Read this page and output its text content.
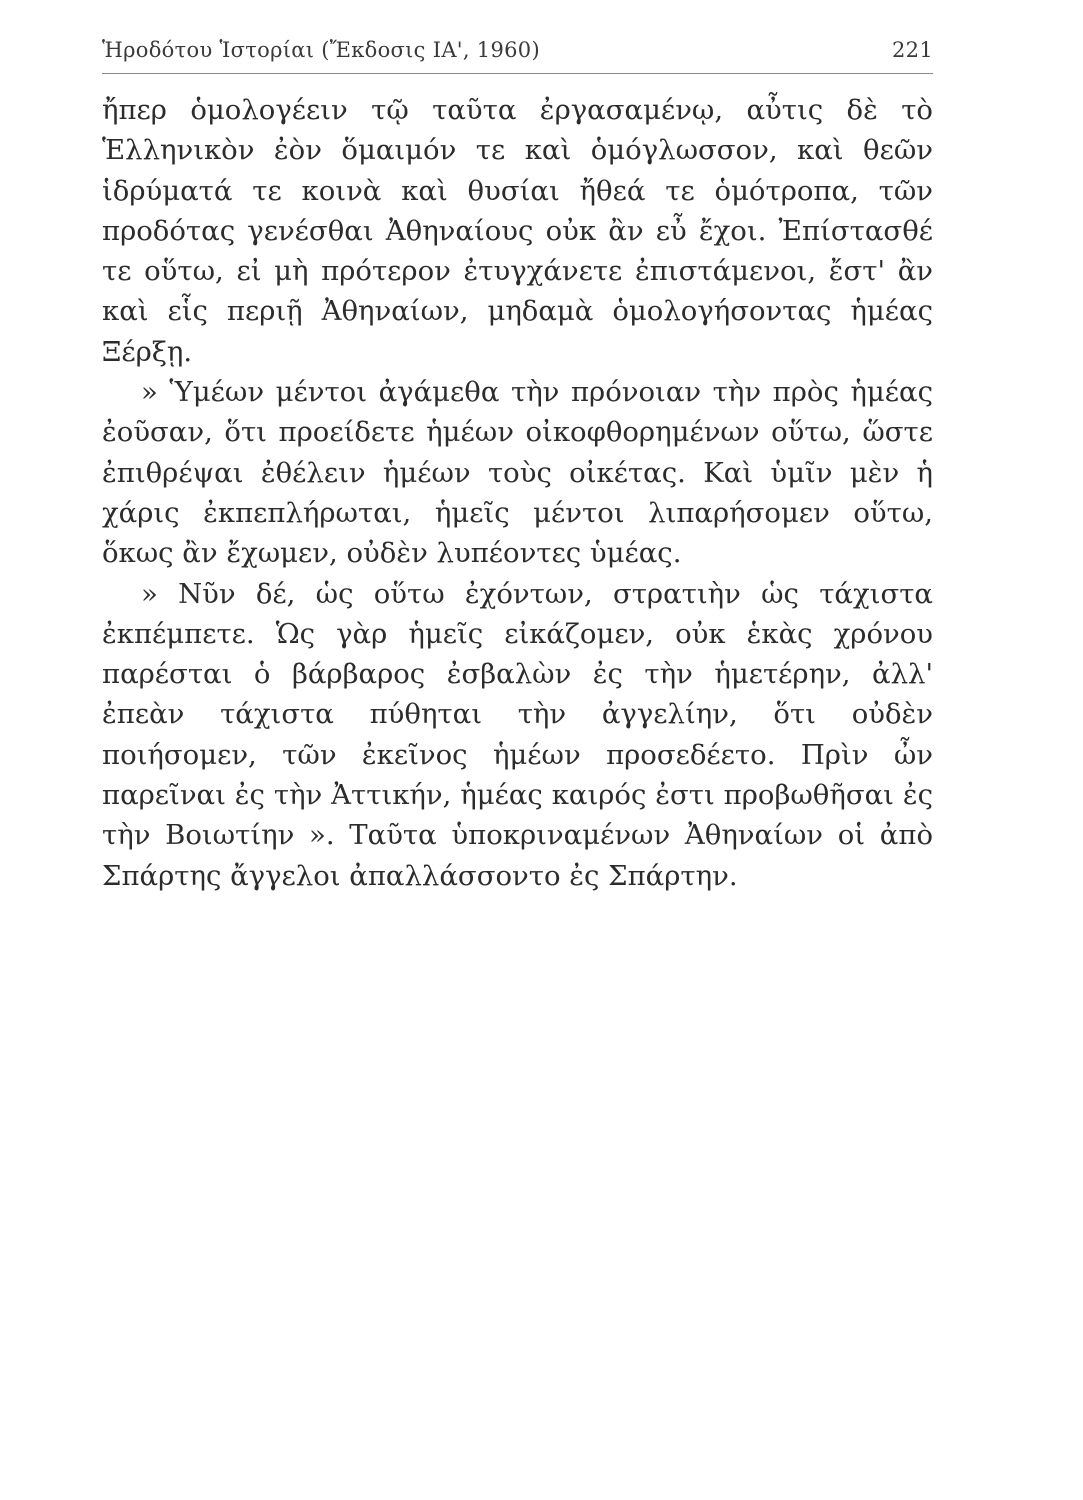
Ἡροδότου Ἱστορίαι (Ἔκδοσις ΙΑ', 1960)	221

ἤπερ ὁμολογέειν τῷ ταῦτα ἐργασαμένῳ, αὖτις δὲ τὸ Ἑλληνικὸν ἐὸν ὅμαιμόν τε καὶ ὁμόγλωσσον, καὶ θεῶν ἱδρύματά τε κοινὰ καὶ θυσίαι ἤθεά τε ὁμότροπα, τῶν προδότας γενέσθαι Ἀθηναίους οὐκ ἂν εὖ ἔχοι. Ἐπίστασθέ τε οὕτω, εἰ μὴ πρότερον ἐτυγχάνετε ἐπιστάμενοι, ἔστ' ἂν καὶ εἷς περιῇ Ἀθηναίων, μηδαμὰ ὁμολογήσοντας ἡμέας Ξέρξῃ.

» Ὑμέων μέντοι ἀγάμεθα τὴν πρόνοιαν τὴν πρὸς ἡμέας ἐοῦσαν, ὅτι προείδετε ἡμέων οἰκοφθορημένων οὕτω, ὥστε ἐπιθρέψαι ἐθέλειν ἡμέων τοὺς οἰκέτας. Καὶ ὑμῖν μὲν ἡ χάρις ἐκπεπλήρωται, ἡμεῖς μέντοι λιπαρήσομεν οὕτω, ὅκως ἂν ἔχωμεν, οὐδὲν λυπέοντες ὑμέας.

» Νῦν δέ, ὡς οὕτω ἐχόντων, στρατιὴν ὡς τάχιστα ἐκπέμπετε. Ὡς γὰρ ἡμεῖς εἰκάζομεν, οὐκ ἑκὰς χρόνου παρέσται ὁ βάρβαρος ἐσβαλὼν ἐς τὴν ἡμετέρην, ἀλλ' ἐπεὰν τάχιστα πύθηται τὴν ἀγγελίην, ὅτι οὐδὲν ποιήσομεν, τῶν ἐκεῖνος ἡμέων προσεδέετο. Πρὶν ὦν παρεῖναι ἐς τὴν Ἀττικήν, ἡμέας καιρός ἐστι προβωθῆσαι ἐς τὴν Βοιωτίην ». Ταῦτα ὑποκριναμένων Ἀθηναίων οἱ ἀπὸ Σπάρτης ἄγγελοι ἀπαλλάσσοντο ἐς Σπάρτην.
